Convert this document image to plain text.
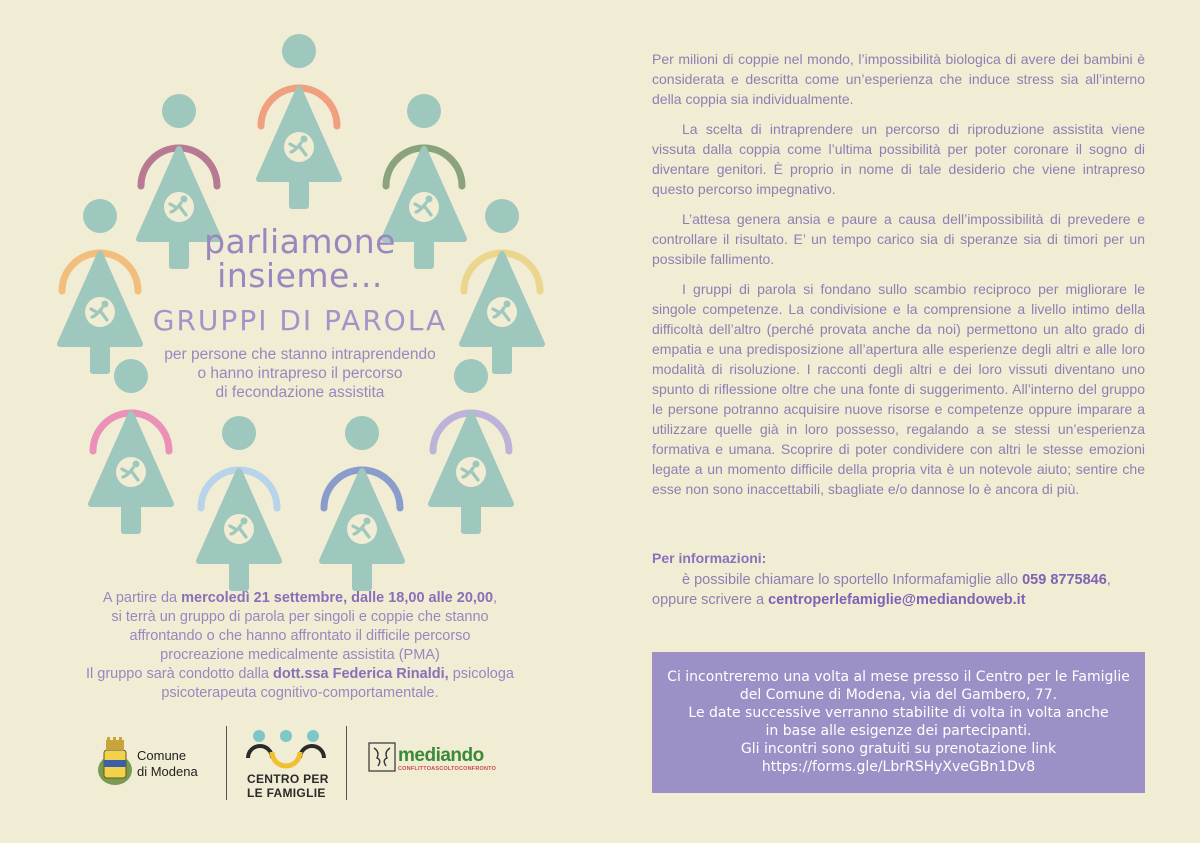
parliamone
insieme...
GRUPPI DI PAROLA
per persone che stanno intraprendendo
o hanno intrapreso il percorso
di fecondazione assistita
A partire da mercoledì 21 settembre, dalle 18,00 alle 20,00,
si terrà un gruppo di parola per singoli e coppie che stanno
affrontando o che hanno affrontato il difficile percorso
procreazione medicalmente assistita (PMA)
Il gruppo sarà condotto dalla dott.ssa Federica Rinaldi, psicologa
psicoterapeuta cognitivo-comportamentale.
Comune
di Modena	CENTRO PER
LE FAMIGLIE
mediando
CONFLITTOASCOLTOCONFRONTO
Per milioni di coppie nel mondo, l’impossibilità biologica di avere dei bambini è considerata e descritta come un’esperienza che induce stress sia all’interno della coppia sia individualmente.
La scelta di intraprendere un percorso di riproduzione assistita viene vissuta dalla coppia come l’ultima possibilità per poter coronare il sogno di diventare genitori. È proprio in nome di tale desiderio che viene intrapreso questo percorso impegnativo.
L’attesa genera ansia e paure a causa dell’impossibilità di prevedere e controllare il risultato. E’ un tempo carico sia di speranze sia di timori per un possibile fallimento.
I gruppi di parola si fondano sullo scambio reciproco per migliorare le singole competenze. La condivisione e la comprensione a livello intimo della difficoltà dell’altro (perché provata anche da noi) permettono un alto grado di empatia e una predisposizione all’apertura alle esperienze degli altri e alle loro modalità di risoluzione. I racconti degli altri e dei loro vissuti diventano uno spunto di riflessione oltre che una fonte di suggerimento. All’interno del gruppo le persone potranno acquisire nuove risorse e competenze oppure imparare a utilizzare quelle già in loro possesso, regalando a se stessi un’esperienza formativa e umana. Scoprire di poter condividere con altri le stesse emozioni legate a un momento difficile della propria vita è un notevole aiuto; sentire che esse non sono inaccettabili, sbagliate e/o dannose lo è ancora di più.
Per informazioni:
è possibile chiamare lo sportello Informafamiglie allo 059 8775846,
oppure scrivere a centroperlefamiglie@mediandoweb.it
Ci incontreremo una volta al mese presso il Centro per le Famiglie
del Comune di Modena, via del Gambero, 77.
Le date successive verranno stabilite di volta in volta anche
in base alle esigenze dei partecipanti.
Gli incontri sono gratuiti su prenotazione link
https://forms.gle/LbrRSHyXveGBn1Dv8
